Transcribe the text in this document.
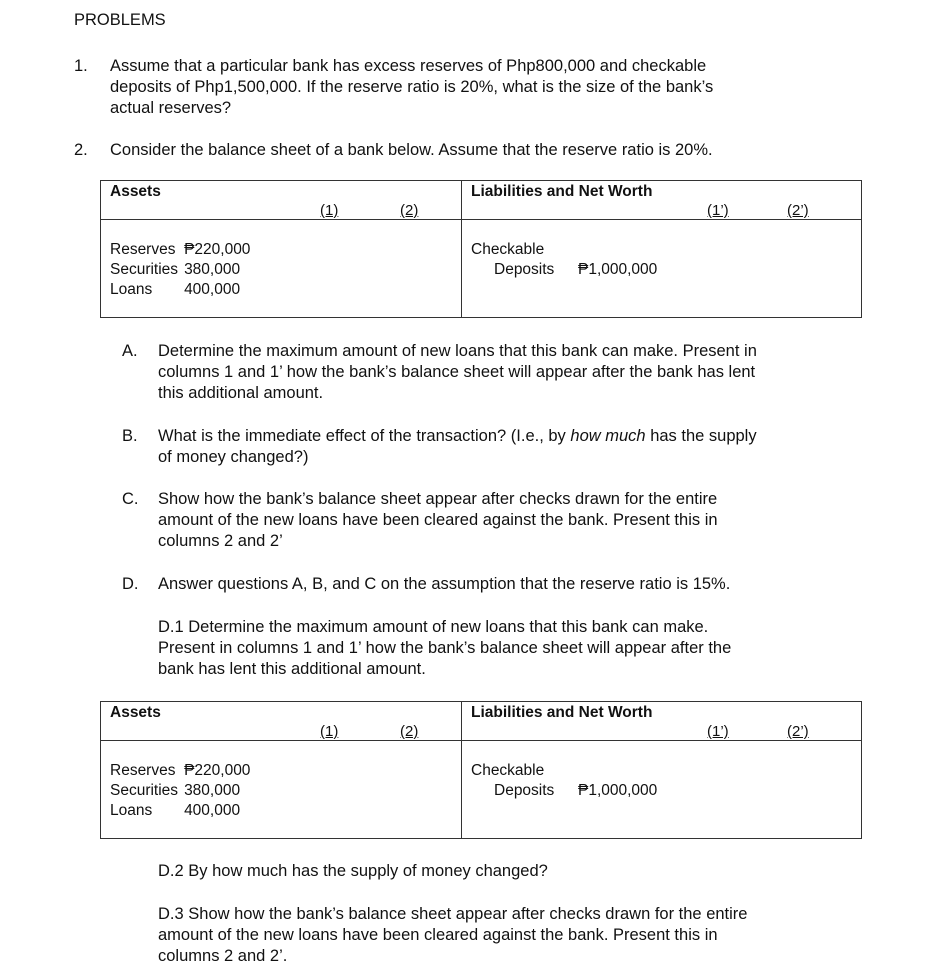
PROBLEMS
1. Assume that a particular bank has excess reserves of Php800,000 and checkable
deposits of Php1,500,000. If the reserve ratio is 20%, what is the size of the bank’s
actual reserves?
2. Consider the balance sheet of a bank below. Assume that the reserve ratio is 20%.
Assets
(1)	(2)
Liabilities and Net Worth
(1’)	(2’)
Reserves	₱220,000
Securities	380,000
Loans	400,000
Checkable
Deposits ₱1,000,000
A. Determine the maximum amount of new loans that this bank can make. Present in
columns 1 and 1’ how the bank’s balance sheet will appear after the bank has lent
this additional amount.
B. What is the immediate effect of the transaction? (I.e., by how much has the supply
of money changed?)
C. Show how the bank’s balance sheet appear after checks drawn for the entire
amount of the new loans have been cleared against the bank. Present this in
columns 2 and 2’
D. Answer questions A, B, and C on the assumption that the reserve ratio is 15%.
D.1 Determine the maximum amount of new loans that this bank can make.
Present in columns 1 and 1’ how the bank’s balance sheet will appear after the
bank has lent this additional amount.
Assets
(1)	(2)
Liabilities and Net Worth
(1’)	(2’)
Reserves	₱220,000
Securities	380,000
Loans	400,000
Checkable
Deposits ₱1,000,000
D.2 By how much has the supply of money changed?
D.3 Show how the bank’s balance sheet appear after checks drawn for the entire
amount of the new loans have been cleared against the bank. Present this in
columns 2 and 2’.
